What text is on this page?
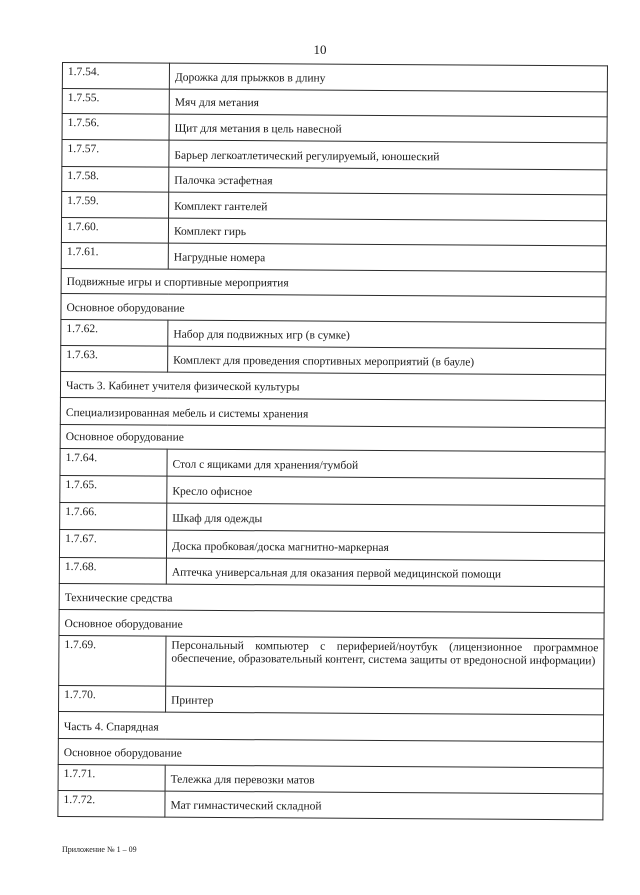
10
1.7.54.	Дорожка для прыжков в длину
1.7.55.	Мяч для метания
1.7.56.	Щит для метания в цель навесной
1.7.57.	Барьер легкоатлетический регулируемый, юношеский
1.7.58.	Палочка эстафетная
1.7.59.	Комплект гантелей
1.7.60.	Комплект гирь
1.7.61.	Нагрудные номера
Подвижные игры и спортивные мероприятия	
Основное оборудование	
1.7.62.	Набор для подвижных игр (в сумке)
1.7.63.	Комплект для проведения спортивных мероприятий (в бауле)
Часть 3. Кабинет учителя физической культуры	
Специализированная мебель и системы хранения	
Основное оборудование	
1.7.64.	Стол с ящиками для хранения/тумбой
1.7.65.	Кресло офисное
1.7.66.	Шкаф для одежды
1.7.67.	Доска пробковая/доска магнитно-маркерная
1.7.68.	Аптечка универсальная для оказания первой медицинской помощи
Технические средства	
Основное оборудование	
1.7.69.	Персональный компьютер с периферией/ноутбук (лицензионное программное обеспечение, образовательный контент, система защиты от вредоносной информации)
1.7.70.	Принтер
Часть 4. Спарядная	
Основное оборудование	
1.7.71.	Тележка для перевозки матов
1.7.72.	Мат гимнастический складной
Приложение № 1 – 09
